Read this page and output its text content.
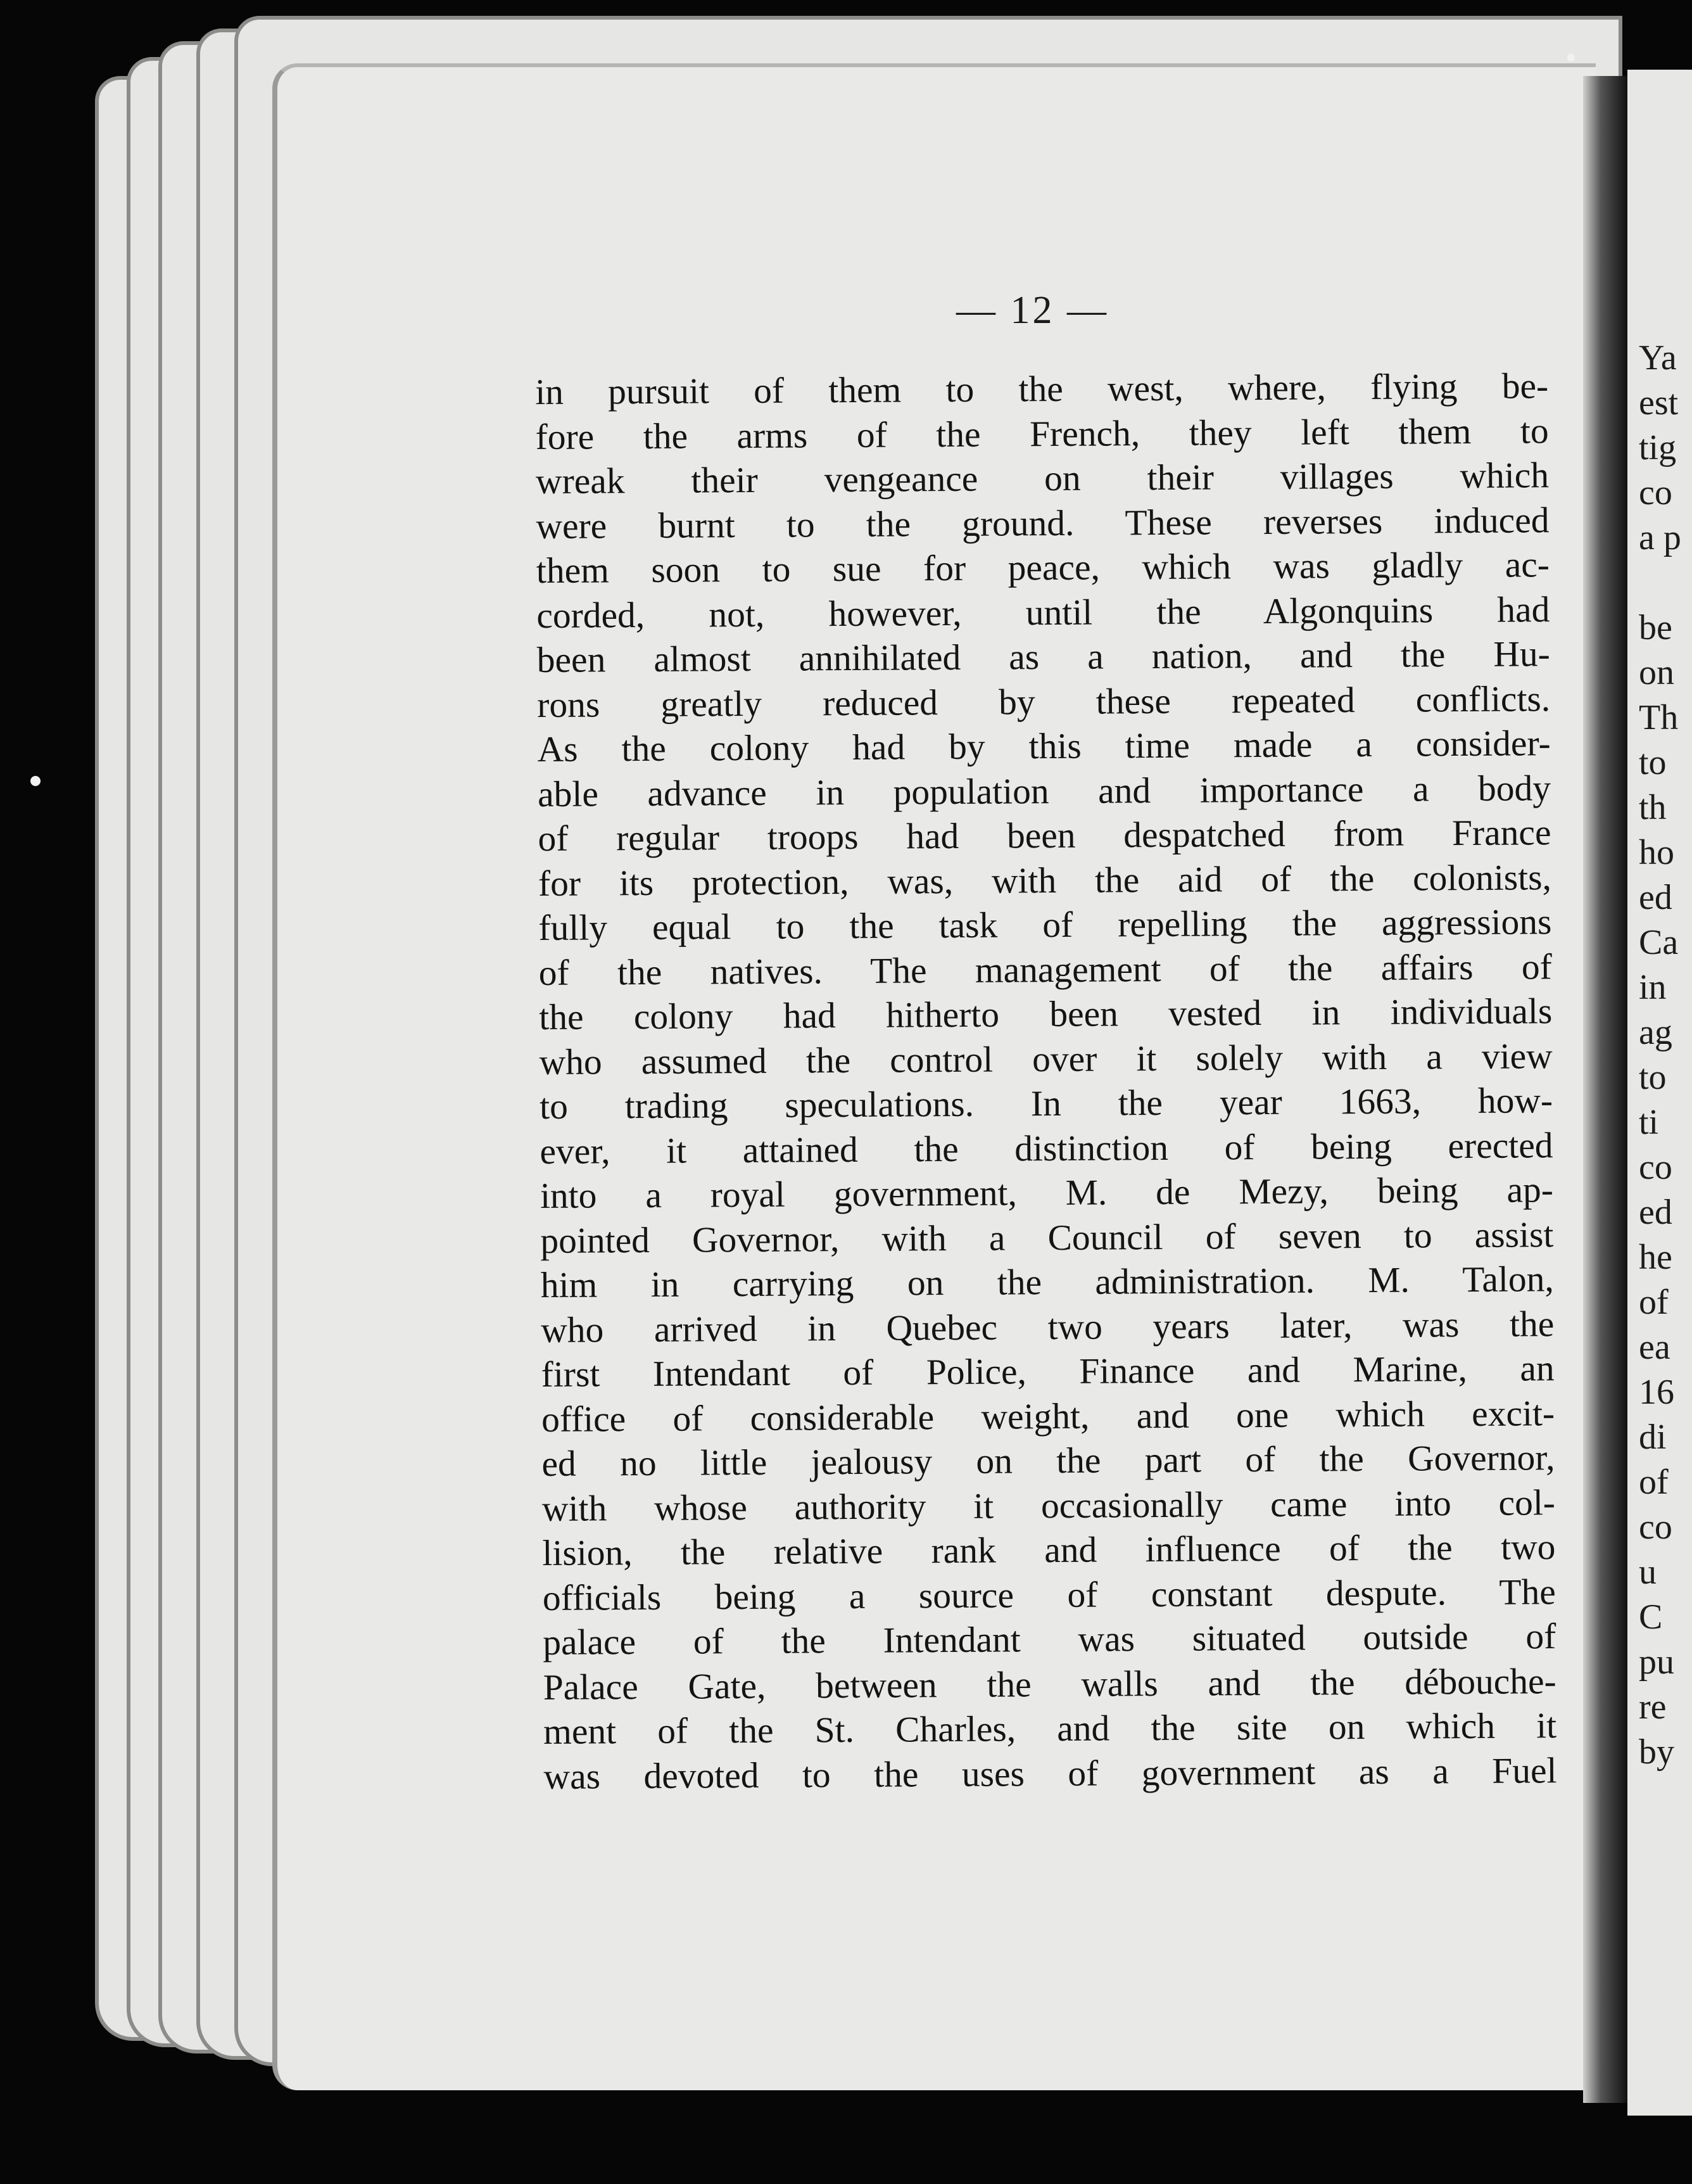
Ya
est
tig
co
a p
be
on
Th
to
th
ho
ed
Ca
in
ag
to
ti
co
ed
he
of
ea
16
di
of
co
u
C
pu
re
by
— 12 —
in pursuit of them to the west, where, flying be-
fore the arms of the French, they left them to
wreak their vengeance on their villages which
were burnt to the ground. These reverses induced
them soon to sue for peace, which was gladly ac-
corded, not, however, until the Algonquins had
been almost annihilated as a nation, and the Hu-
rons greatly reduced by these repeated conflicts.
As the colony had by this time made a consider-
able advance in population and importance a body
of regular troops had been despatched from France
for its protection, was, with the aid of the colonists,
fully equal to the task of repelling the aggressions
of the natives. The management of the affairs of
the colony had hitherto been vested in individuals
who assumed the control over it solely with a view
to trading speculations. In the year 1663, how-
ever, it attained the distinction of being erected
into a royal government, M. de Mezy, being ap-
pointed Governor, with a Council of seven to assist
him in carrying on the administration. M. Talon,
who arrived in Quebec two years later, was the
first Intendant of Police, Finance and Marine, an
office of considerable weight, and one which excit-
ed no little jealousy on the part of the Governor,
with whose authority it occasionally came into col-
lision, the relative rank and influence of the two
officials being a source of constant despute. The
palace of the Intendant was situated outside of
Palace Gate, between the walls and the débouche-
ment of the St. Charles, and the site on which it
was devoted to the uses of government as a Fuel
